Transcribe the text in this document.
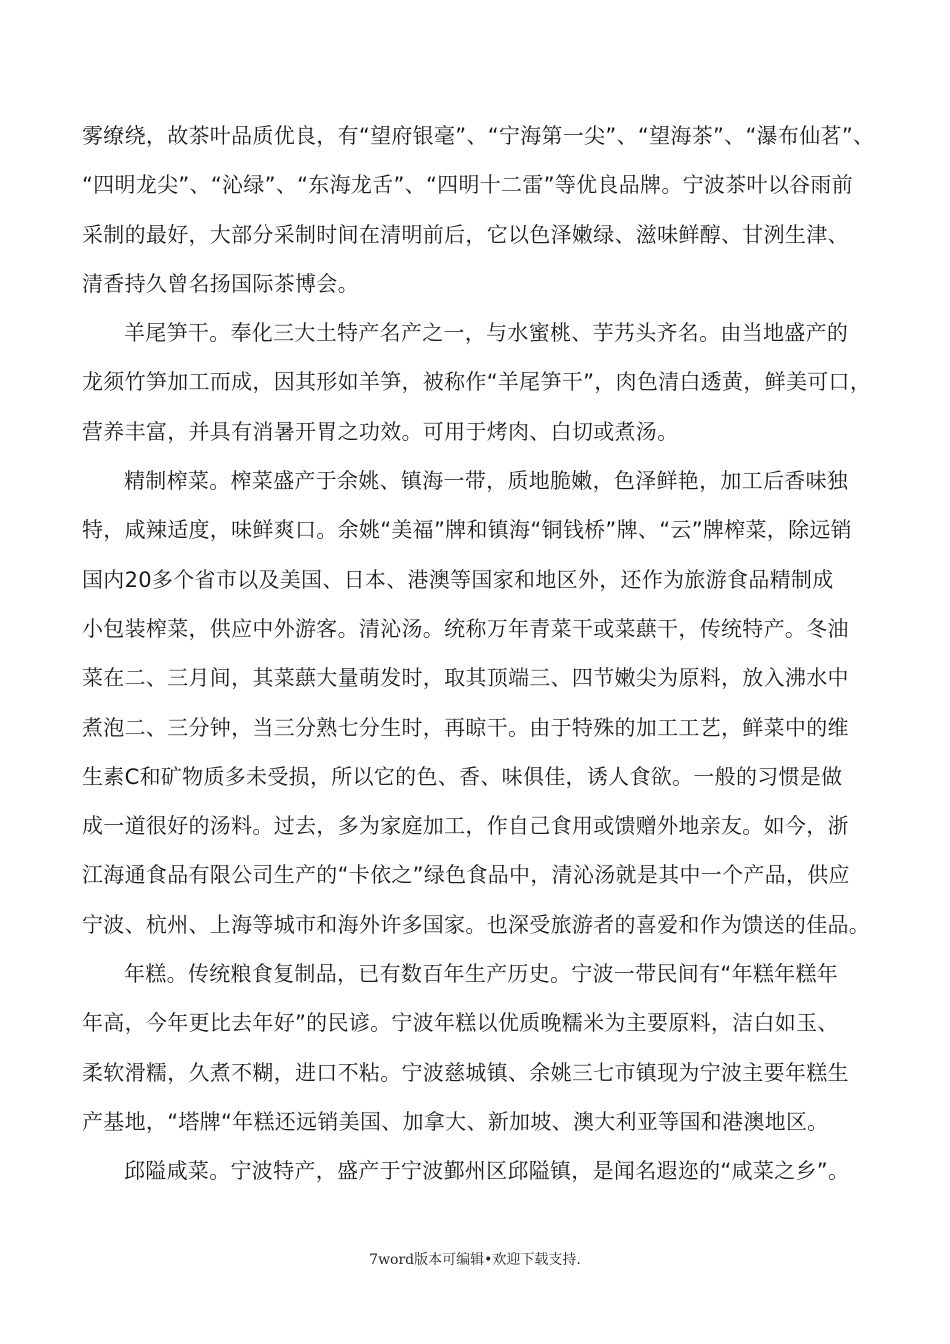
雾缭绕，故茶叶品质优良，有“望府银毫”、“宁海第一尖”、“望海茶”、“瀑布仙茗”、
“四明龙尖”、“沁绿”、“东海龙舌”、“四明十二雷”等优良品牌。宁波茶叶以谷雨前
采制的最好，大部分采制时间在清明前后，它以色泽嫩绿、滋味鲜醇、甘洌生津、
清香持久曾名扬国际茶博会。
羊尾笋干。奉化三大土特产名产之一，与水蜜桃、芋艿头齐名。由当地盛产的
龙须竹笋加工而成，因其形如羊笋，被称作“羊尾笋干”，肉色清白透黄，鲜美可口，
营养丰富，并具有消暑开胃之功效。可用于烤肉、白切或煮汤。
精制榨菜。榨菜盛产于余姚、镇海一带，质地脆嫩，色泽鲜艳，加工后香味独
特，咸辣适度，味鲜爽口。余姚“美福”牌和镇海“铜钱桥”牌、“云”牌榨菜，除远销
国内20多个省市以及美国、日本、港澳等国家和地区外，还作为旅游食品精制成
小包装榨菜，供应中外游客。清沁汤。统称万年青菜干或菜蕻干，传统特产。冬油
菜在二、三月间，其菜蕻大量萌发时，取其顶端三、四节嫩尖为原料，放入沸水中
煮泡二、三分钟，当三分熟七分生时，再晾干。由于特殊的加工工艺，鲜菜中的维
生素C和矿物质多未受损，所以它的色、香、味俱佳，诱人食欲。一般的习惯是做
成一道很好的汤料。过去，多为家庭加工，作自己食用或馈赠外地亲友。如今，浙
江海通食品有限公司生产的“卡依之”绿色食品中，清沁汤就是其中一个产品，供应
宁波、杭州、上海等城市和海外许多国家。也深受旅游者的喜爱和作为馈送的佳品。
年糕。传统粮食复制品，已有数百年生产历史。宁波一带民间有“年糕年糕年
年高，今年更比去年好”的民谚。宁波年糕以优质晚糯米为主要原料，洁白如玉、
柔软滑糯，久煮不糊，进口不粘。宁波慈城镇、余姚三七市镇现为宁波主要年糕生
产基地，“塔牌“年糕还远销美国、加拿大、新加坡、澳大利亚等国和港澳地区。
邱隘咸菜。宁波特产，盛产于宁波鄞州区邱隘镇，是闻名遐迩的“咸菜之乡”。
7word版本可编辑•欢迎下载支持.
